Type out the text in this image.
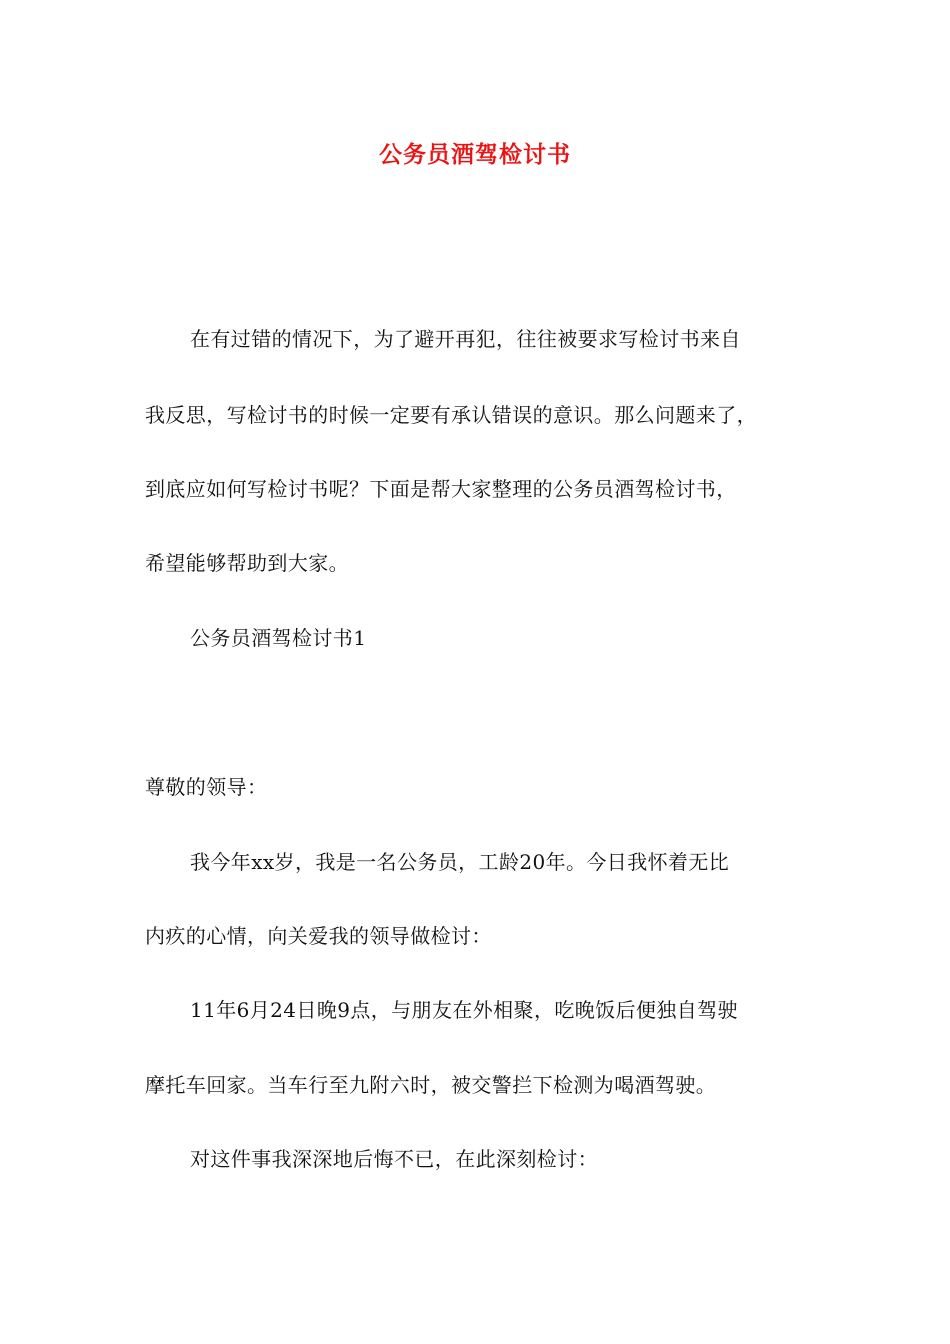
公务员酒驾检讨书
在有过错的情况下，为了避开再犯，往往被要求写检讨书来自
我反思，写检讨书的时候一定要有承认错误的意识。那么问题来了，
到底应如何写检讨书呢？下面是帮大家整理的公务员酒驾检讨书，
希望能够帮助到大家。
公务员酒驾检讨书1
尊敬的领导：
我今年xx岁，我是一名公务员，工龄20年。今日我怀着无比
内疚的心情，向关爱我的领导做检讨：
11年6月24日晚9点，与朋友在外相聚，吃晚饭后便独自驾驶
摩托车回家。当车行至九附六时，被交警拦下检测为喝酒驾驶。
对这件事我深深地后悔不已，在此深刻检讨：
